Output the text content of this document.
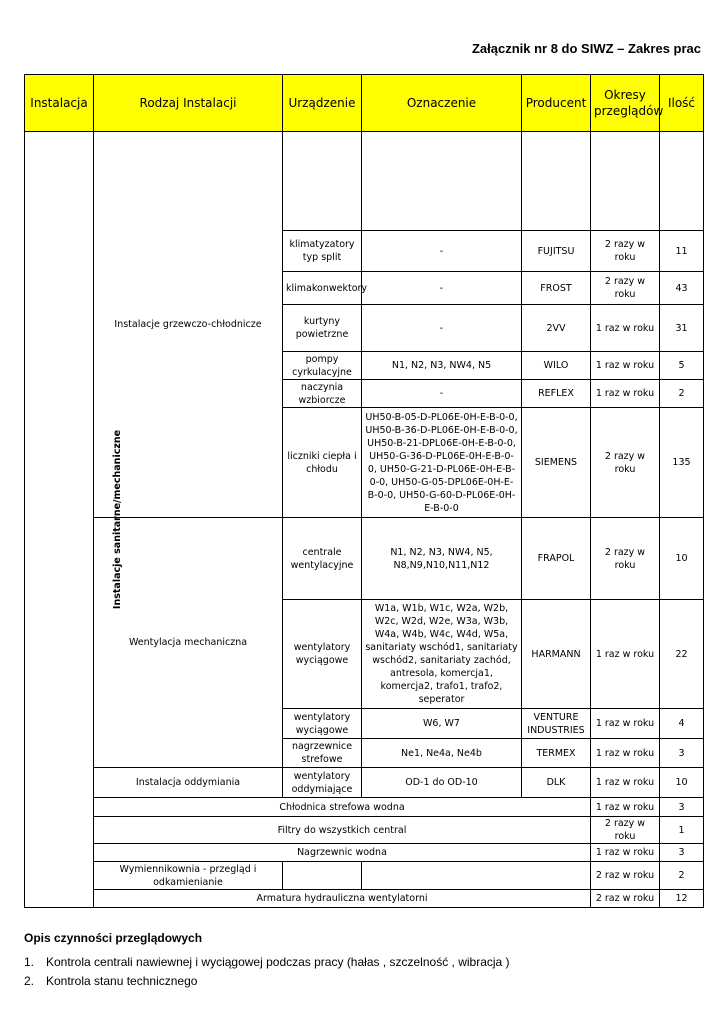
Załącznik nr 8 do SIWZ – Zakres prac
Instalacja	Rodzaj Instalacji	Urządzenie	Oznaczenie	Producent	Okresy przeglądów	Ilość
Instalacje sanitarne/mechaniczne	Instalacje grzewczo-chłodnicze					
		klimatyzatory typ split	-	FUJITSU	2 razy w roku	11
		klimakonwektory	-	FROST	2 razy w roku	43
		kurtyny powietrzne	-	2VV	1 raz w roku	31
		pompy cyrkulacyjne	N1, N2, N3, NW4, N5	WILO	1 raz w roku	5
		naczynia wzbiorcze	-	REFLEX	1 raz w roku	2
		liczniki ciepła i chłodu	UH50-B-05-D-PL06E-0H-E-B-0-0, UH50-B-36-D-PL06E-0H-E-B-0-0, UH50-B-21-DPL06E-0H-E-B-0-0, UH50-G-36-D-PL06E-0H-E-B-0-0, UH50-G-21-D-PL06E-0H-E-B-0-0, UH50-G-05-DPL06E-0H-E-B-0-0, UH50-G-60-D-PL06E-0H-E-B-0-0	SIEMENS	2 razy w roku	135
	Wentylacja mechaniczna	centrale wentylacyjne	N1, N2, N3, NW4, N5, N8,N9,N10,N11,N12	FRAPOL	2 razy w roku	10
		wentylatory wyciągowe	W1a, W1b, W1c, W2a, W2b, W2c, W2d, W2e, W3a, W3b, W4a, W4b, W4c, W4d, W5a, sanitariaty wschód1, sanitariaty wschód2, sanitariaty zachód, antresola, komercja1, komercja2, trafo1, trafo2, seperator	HARMANN	1 raz w roku	22
		wentylatory wyciągowe	W6, W7	VENTURE INDUSTRIES	1 raz w roku	4
		nagrzewnice strefowe	Ne1, Ne4a, Ne4b	TERMEX	1 raz w roku	3
	Instalacja oddymiania	wentylatory oddymiające	OD-1 do OD-10	DLK	1 raz w roku	10
	Chłodnica strefowa wodna				1 raz w roku	3
	Filtry do wszystkich central				2 razy w roku	1
	Nagrzewnic wodna				1 raz w roku	3
	Wymiennikownia - przegląd i odkamienianie				2 raz w roku	2
	Armatura hydrauliczna wentylatorni				2 raz w roku	12
Opis czynności przeglądowych
1. Kontrola centrali nawiewnej i wyciągowej podczas pracy (hałas , szczelność , wibracja )
2. Kontrola stanu technicznego
